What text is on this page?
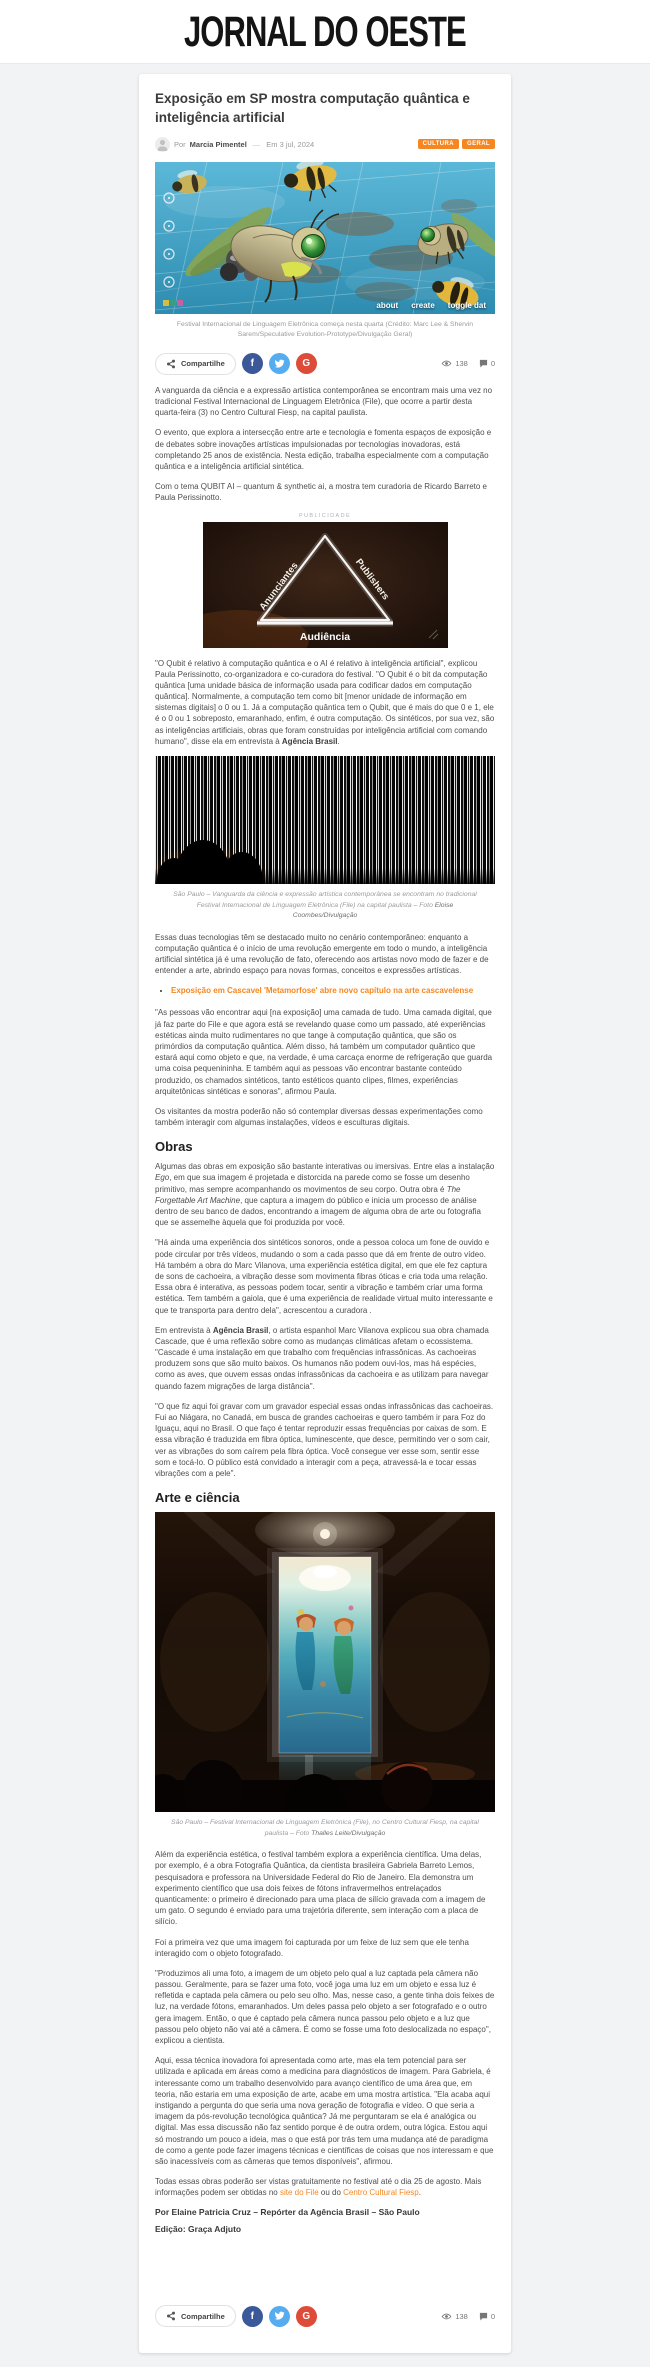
JORNAL DO OESTE
Exposição em SP mostra computação quântica e inteligência artificial
Por Marcia Pimentel — Em 3 jul, 2024	CULTURA	GERAL
about create toggle dat
Festival Internacional de Linguagem Eletrônica começa nesta quarta (Crédito: Marc Lee & Shervin Sarem/Speculative Evolution-Prototype/Divulgação Geral)
Compartilhe	f	G	138	0

A vanguarda da ciência e a expressão artística contemporânea se encontram mais uma vez no tradicional Festival Internacional de Linguagem Eletrônica (File), que ocorre a partir desta quarta-feira (3) no Centro Cultural Fiesp, na capital paulista.

O evento, que explora a intersecção entre arte e tecnologia e fomenta espaços de exposição e de debates sobre inovações artísticas impulsionadas por tecnologias inovadoras, está completando 25 anos de existência. Nesta edição, trabalha especialmente com a computação quântica e a inteligência artificial sintética.

Com o tema QUBIT AI – quantum & synthetic ai, a mostra tem curadoria de Ricardo Barreto e Paula Perissinotto.

PUBLICIDADE
Anunciantes	Publishers
Audiência

"O Qubit é relativo à computação quântica e o AI é relativo à inteligência artificial", explicou Paula Perissinotto, co-organizadora e co-curadora do festival. "O Qubit é o bit da computação quântica [uma unidade básica de informação usada para codificar dados em computação quântica]. Normalmente, a computação tem como bit [menor unidade de informação em sistemas digitais] o 0 ou 1. Já a computação quântica tem o Qubit, que é mais do que 0 e 1, ele é o 0 ou 1 sobreposto, emaranhado, enfim, é outra computação. Os sintéticos, por sua vez, são as inteligências artificiais, obras que foram construídas por inteligência artificial com comando humano", disse ela em entrevista à Agência Brasil.

São Paulo – Vanguarda da ciência e expressão artística contemporânea se encontram no tradicional Festival Internacional de Linguagem Eletrônica (File) na capital paulista – Foto Eloise Coombes/Divulgação

Essas duas tecnologias têm se destacado muito no cenário contemporâneo: enquanto a computação quântica é o início de uma revolução emergente em todo o mundo, a inteligência artificial sintética já é uma revolução de fato, oferecendo aos artistas novo modo de fazer e de entender a arte, abrindo espaço para novas formas, conceitos e expressões artísticas.

• Exposição em Cascavel 'Metamorfose' abre novo capítulo na arte cascavelense

"As pessoas vão encontrar aqui [na exposição] uma camada de tudo. Uma camada digital, que já faz parte do File e que agora está se revelando quase como um passado, até experiências estéticas ainda muito rudimentares no que tange à computação quântica, que são os primórdios da computação quântica. Além disso, há também um computador quântico que estará aqui como objeto e que, na verdade, é uma carcaça enorme de refrigeração que guarda uma coisa pequenininha. E também aqui as pessoas vão encontrar bastante conteúdo produzido, os chamados sintéticos, tanto estéticos quanto clipes, filmes, experiências arquitetônicas sintéticas e sonoras", afirmou Paula.

Os visitantes da mostra poderão não só contemplar diversas dessas experimentações como também interagir com algumas instalações, vídeos e esculturas digitais.

Obras

Algumas das obras em exposição são bastante interativas ou imersivas. Entre elas a instalação Ego, em que sua imagem é projetada e distorcida na parede como se fosse um desenho primitivo, mas sempre acompanhando os movimentos de seu corpo. Outra obra é The Forgettable Art Machine, que captura a imagem do público e inicia um processo de análise dentro de seu banco de dados, encontrando a imagem de alguma obra de arte ou fotografia que se assemelhe àquela que foi produzida por você.

"Há ainda uma experiência dos sintéticos sonoros, onde a pessoa coloca um fone de ouvido e pode circular por três vídeos, mudando o som a cada passo que dá em frente de outro vídeo. Há também a obra do Marc Vilanova, uma experiência estética digital, em que ele fez captura de sons de cachoeira, a vibração desse som movimenta fibras óticas e cria toda uma relação. Essa obra é interativa, as pessoas podem tocar, sentir a vibração e também criar uma forma estética. Tem também a gaiola, que é uma experiência de realidade virtual muito interessante e que te transporta para dentro dela", acrescentou a curadora .

Em entrevista à Agência Brasil, o artista espanhol Marc Vilanova explicou sua obra chamada Cascade, que é uma reflexão sobre como as mudanças climáticas afetam o ecossistema. "Cascade é uma instalação em que trabalho com frequências infrassônicas. As cachoeiras produzem sons que são muito baixos. Os humanos não podem ouvi-los, mas há espécies, como as aves, que ouvem essas ondas infrassônicas da cachoeira e as utilizam para navegar quando fazem migrações de larga distância".

"O que fiz aqui foi gravar com um gravador especial essas ondas infrassônicas das cachoeiras. Fui ao Niágara, no Canadá, em busca de grandes cachoeiras e quero também ir para Foz do Iguaçu, aqui no Brasil. O que faço é tentar reproduzir essas frequências por caixas de som. E essa vibração é traduzida em fibra óptica, luminescente, que desce, permitindo ver o som cair, ver as vibrações do som caírem pela fibra óptica. Você consegue ver esse som, sentir esse som e tocá-lo. O público está convidado a interagir com a peça, atravessá-la e tocar essas vibrações com a pele".

Arte e ciência
São Paulo – Festival Internacional de Linguagem Eletrônica (File), no Centro Cultural Fiesp, na capital paulista – Foto Thalles Leite/Divulgação

Além da experiência estética, o festival também explora a experiência científica. Uma delas, por exemplo, é a obra Fotografia Quântica, da cientista brasileira Gabriela Barreto Lemos, pesquisadora e professora na Universidade Federal do Rio de Janeiro. Ela demonstra um experimento científico que usa dois feixes de fótons infravermelhos entrelaçados quanticamente: o primeiro é direcionado para uma placa de silício gravada com a imagem de um gato. O segundo é enviado para uma trajetória diferente, sem interação com a placa de silício.

Foi a primeira vez que uma imagem foi capturada por um feixe de luz sem que ele tenha interagido com o objeto fotografado.

"Produzimos ali uma foto, a imagem de um objeto pelo qual a luz captada pela câmera não passou. Geralmente, para se fazer uma foto, você joga uma luz em um objeto e essa luz é refletida e captada pela câmera ou pelo seu olho. Mas, nesse caso, a gente tinha dois feixes de luz, na verdade fótons, emaranhados. Um deles passa pelo objeto a ser fotografado e o outro gera imagem. Então, o que é captado pela câmera nunca passou pelo objeto e a luz que passou pelo objeto não vai até a câmera. É como se fosse uma foto deslocalizada no espaço", explicou a cientista.

Aqui, essa técnica inovadora foi apresentada como arte, mas ela tem potencial para ser utilizada e aplicada em áreas como a medicina para diagnósticos de imagem. Para Gabriela, é interessante como um trabalho desenvolvido para avanço científico de uma área que, em teoria, não estaria em uma exposição de arte, acabe em uma mostra artística. "Ela acaba aqui instigando a pergunta do que seria uma nova geração de fotografia e vídeo. O que seria a imagem da pós-revolução tecnológica quântica? Já me perguntaram se ela é analógica ou digital. Mas essa discussão não faz sentido porque é de outra ordem, outra lógica. Estou aqui só mostrando um pouco a ideia, mas o que está por trás tem uma mudança até de paradigma de como a gente pode fazer imagens técnicas e científicas de coisas que nos interessam e que são inacessíveis com as câmeras que temos disponíveis", afirmou.

Todas essas obras poderão ser vistas gratuitamente no festival até o dia 25 de agosto. Mais informações podem ser obtidas no site do File ou do Centro Cultural Fiesp.

Por Elaine Patricia Cruz – Repórter da Agência Brasil – São Paulo

Edição: Graça Adjuto

Compartilhe	f	G	138	0
